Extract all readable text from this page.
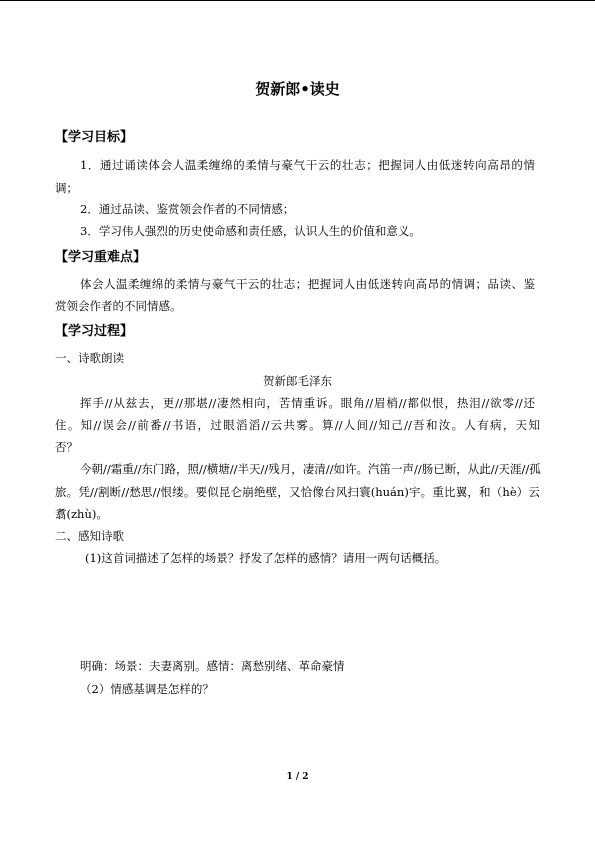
贺新郎•读史
【学习目标】
1．通过诵读体会人温柔缠绵的柔情与豪气干云的壮志；把握词人由低迷转向高昂的情
调；
2．通过品读、鉴赏领会作者的不同情感；
3．学习伟人强烈的历史使命感和责任感，认识人生的价值和意义。
【学习重难点】
体会人温柔缠绵的柔情与豪气干云的壮志；把握词人由低迷转向高昂的情调；品读、鉴
赏领会作者的不同情感。
【学习过程】
一、诗歌朗读
贺新郎毛泽东
挥手//从兹去，更//那堪//凄然相向，苦情重诉。眼角//眉梢//都似恨，热泪//欲零//还
住。知//误会//前番//书语，过眼滔滔//云共雾。算//人间//知己//吾和汝。人有病，天知
否？
今朝//霜重//东门路，照//横塘//半天//残月，凄清//如许。汽笛一声//肠已断，从此//天涯//孤
旅。凭//割断//愁思//恨缕。要似昆仑崩绝壁，又恰像台风扫寰(huán)宇。重比翼，和（hè）云
翥(zhù)。
二、感知诗歌
(1)这首词描述了怎样的场景？抒发了怎样的感情？请用一两句话概括。
明确：场景：夫妻离别。感情：离愁别绪、革命豪情
（2）情感基调是怎样的？
1 / 2
